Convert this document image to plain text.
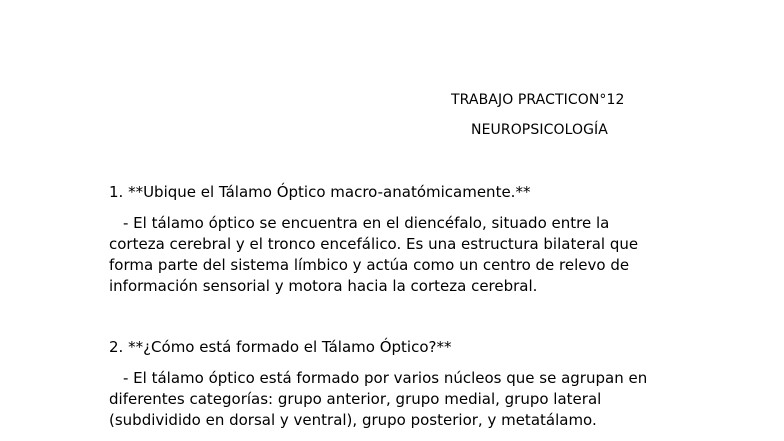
TRABAJO PRACTICON°12
NEUROPSICOLOGÍA
1. **Ubique el Tálamo Óptico macro-anatómicamente.**

- El tálamo óptico se encuentra en el diencéfalo, situado entre la corteza cerebral y el tronco encefálico. Es una estructura bilateral que forma parte del sistema límbico y actúa como un centro de relevo de información sensorial y motora hacia la corteza cerebral.

2. **¿Cómo está formado el Tálamo Óptico?**

- El tálamo óptico está formado por varios núcleos que se agrupan en diferentes categorías: grupo anterior, grupo medial, grupo lateral (subdividido en dorsal y ventral), grupo posterior, y metatálamo.
